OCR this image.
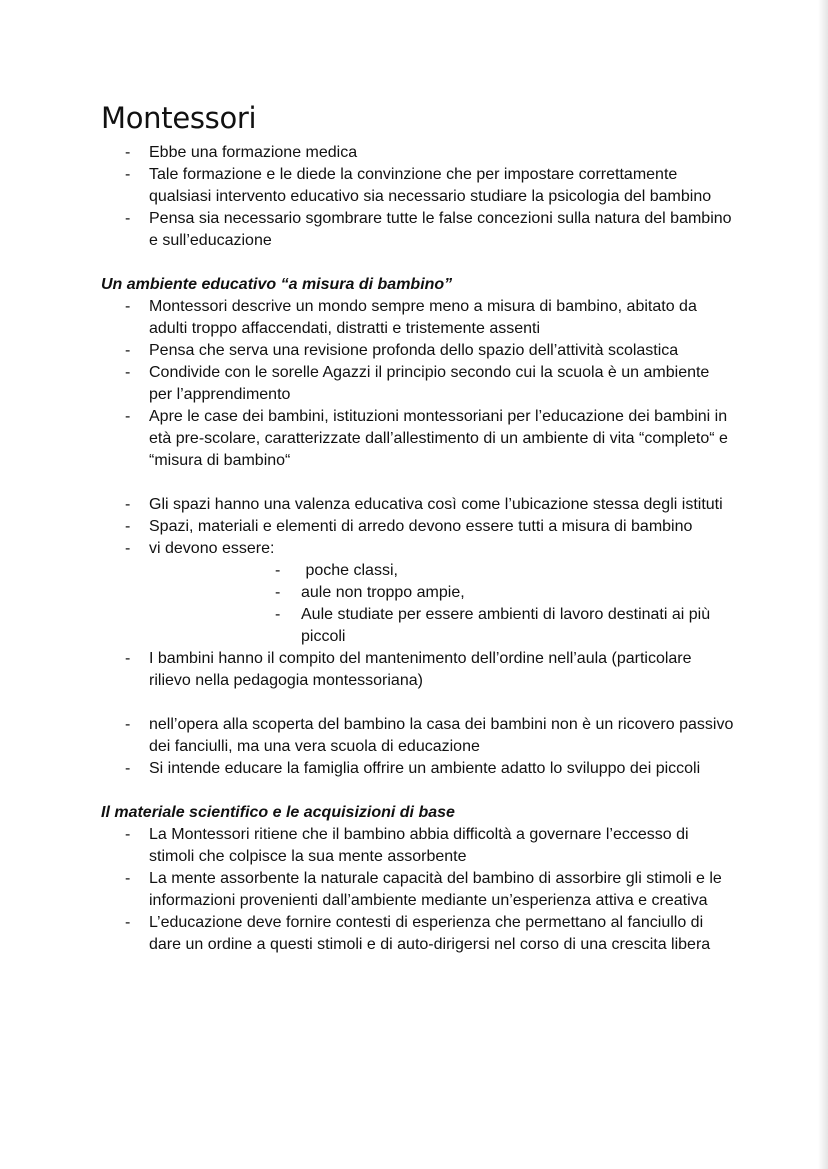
Montessori
- Ebbe una formazione medica
- Tale formazione e le diede la convinzione che per impostare correttamente qualsiasi intervento educativo sia necessario studiare la psicologia del bambino
- Pensa sia necessario sgombrare tutte le false concezioni sulla natura del bambino e sull’educazione
Un ambiente educativo “a misura di bambino”
- Montessori descrive un mondo sempre meno a misura di bambino, abitato da adulti troppo affaccendati, distratti e tristemente assenti
- Pensa che serva una revisione profonda dello spazio dell’attività scolastica
- Condivide con le sorelle Agazzi il principio secondo cui la scuola è un ambiente per l’apprendimento
- Apre le case dei bambini, istituzioni montessoriani per l’educazione dei bambini in età pre-scolare, caratterizzate dall’allestimento di un ambiente di vita “completo“ e “misura di bambino“
- Gli spazi hanno una valenza educativa così come l’ubicazione stessa degli istituti
- Spazi, materiali e elementi di arredo devono essere tutti a misura di bambino
- vi devono essere:
-  poche classi,
- aule non troppo ampie,
- Aule studiate per essere ambienti di lavoro destinati ai più piccoli
- I bambini hanno il compito del mantenimento dell’ordine nell’aula (particolare rilievo nella pedagogia montessoriana)
- nell’opera alla scoperta del bambino la casa dei bambini non è un ricovero passivo dei fanciulli, ma una vera scuola di educazione
- Si intende educare la famiglia offrire un ambiente adatto lo sviluppo dei piccoli
Il materiale scientifico e le acquisizioni di base
- La Montessori ritiene che il bambino abbia difficoltà a governare l’eccesso di stimoli che colpisce la sua mente assorbente
- La mente assorbente la naturale capacità del bambino di assorbire gli stimoli e le informazioni provenienti dall’ambiente mediante un’esperienza attiva e creativa
- L’educazione deve fornire contesti di esperienza che permettano al fanciullo di dare un ordine a questi stimoli e di auto-dirigersi nel corso di una crescita libera
